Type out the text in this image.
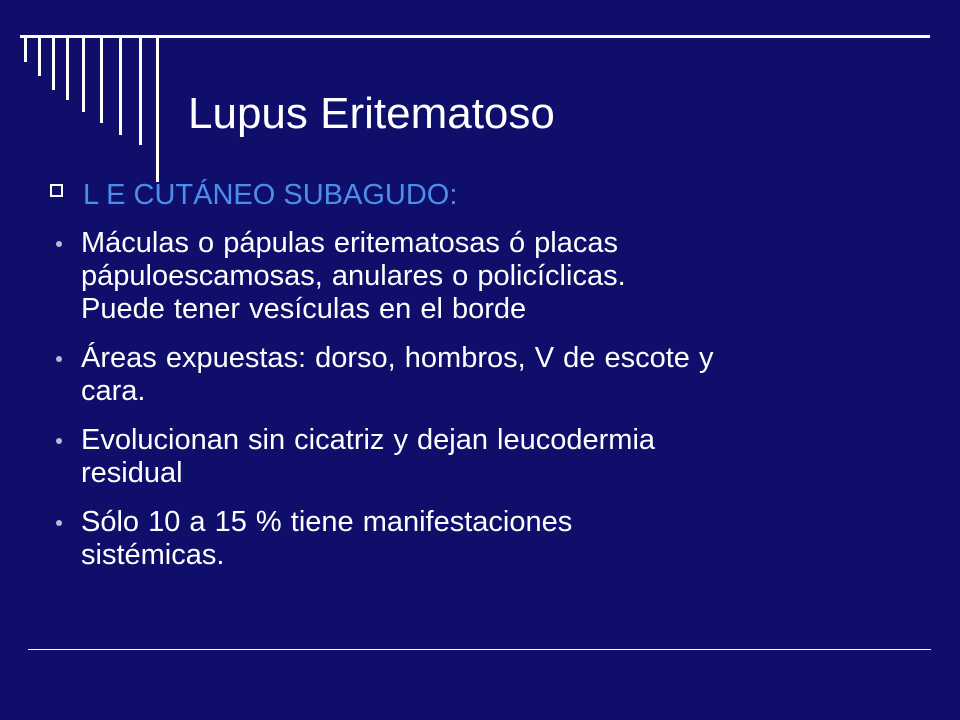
Lupus Eritematoso
L E CUTÁNEO SUBAGUDO:
Máculas o pápulas eritematosas ó placas
pápuloescamosas, anulares o policíclicas.
Puede tener vesículas en el borde
Áreas expuestas: dorso, hombros, V de escote y
cara.
Evolucionan sin cicatriz y dejan leucodermia
residual
Sólo 10 a 15 % tiene manifestaciones
sistémicas.
